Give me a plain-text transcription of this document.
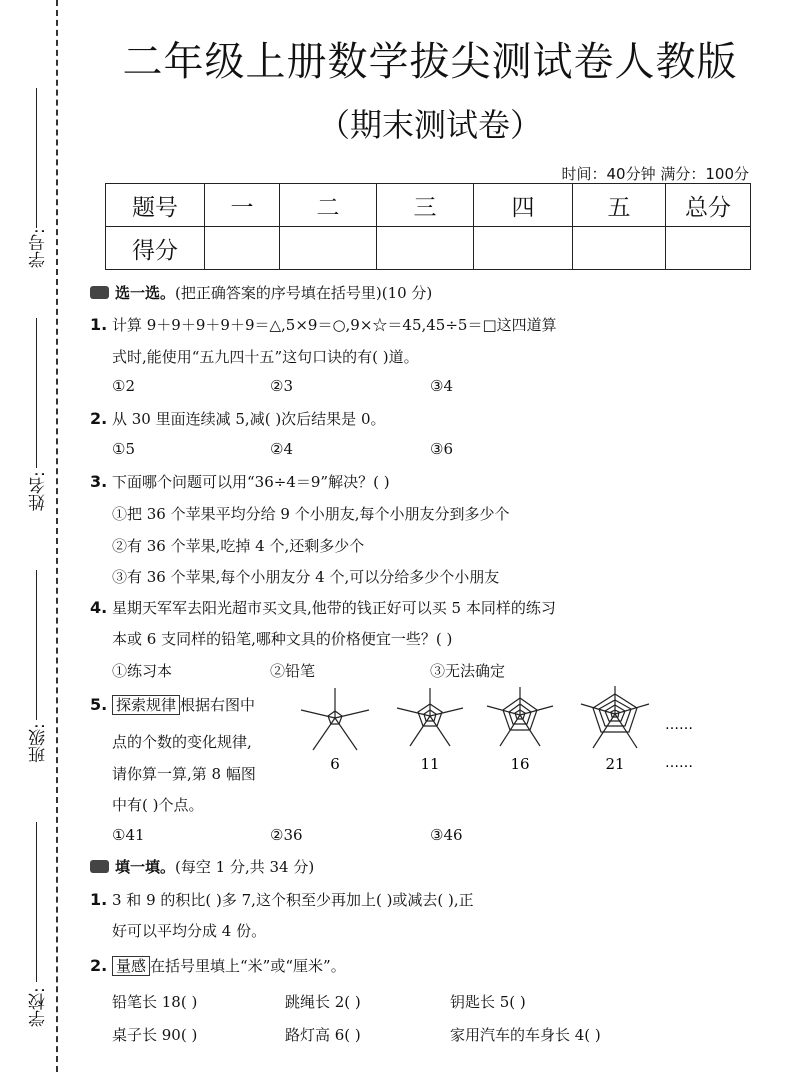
学号:
姓名:
班级:
学校:
二年级上册数学拔尖测试卷人教版
（期末测试卷）
时间：40分钟 满分：100分
题号	一	二	三	四	五	总分
得分						
选一选。(把正确答案的序号填在括号里)(10 分)
1. 计算 9＋9＋9＋9＋9＝△,5×9＝○,9×☆＝45,45÷5＝□这四道算
式时,能使用“五九四十五”这句口诀的有( )道。
①2	②3	③4
2. 从 30 里面连续减 5,减( )次后结果是 0。
①5	②4	③6
3. 下面哪个问题可以用“36÷4＝9”解决？( )
①把 36 个苹果平均分给 9 个小朋友,每个小朋友分到多少个
②有 36 个苹果,吃掉 4 个,还剩多少个
③有 36 个苹果,每个小朋友分 4 个,可以分给多少个小朋友
4. 星期天军军去阳光超市买文具,他带的钱正好可以买 5 本同样的练习
本或 6 支同样的铅笔,哪种文具的价格便宜一些？( )
①练习本	②铅笔	③无法确定
5. 探索规律 根据右图中
点的个数的变化规律,
请你算一算,第 8 幅图
中有( )个点。
6	11	16	21
……
……
①41	②36	③46
填一填。(每空 1 分,共 34 分)
1. 3 和 9 的积比( )多 7,这个积至少再加上( )或减去( ),正
好可以平均分成 4 份。
2. 量感 在括号里填上“米”或“厘米”。
铅笔长 18( )	跳绳长 2( )	钥匙长 5( )
桌子长 90( )	路灯高 6( )	家用汽车的车身长 4( )
